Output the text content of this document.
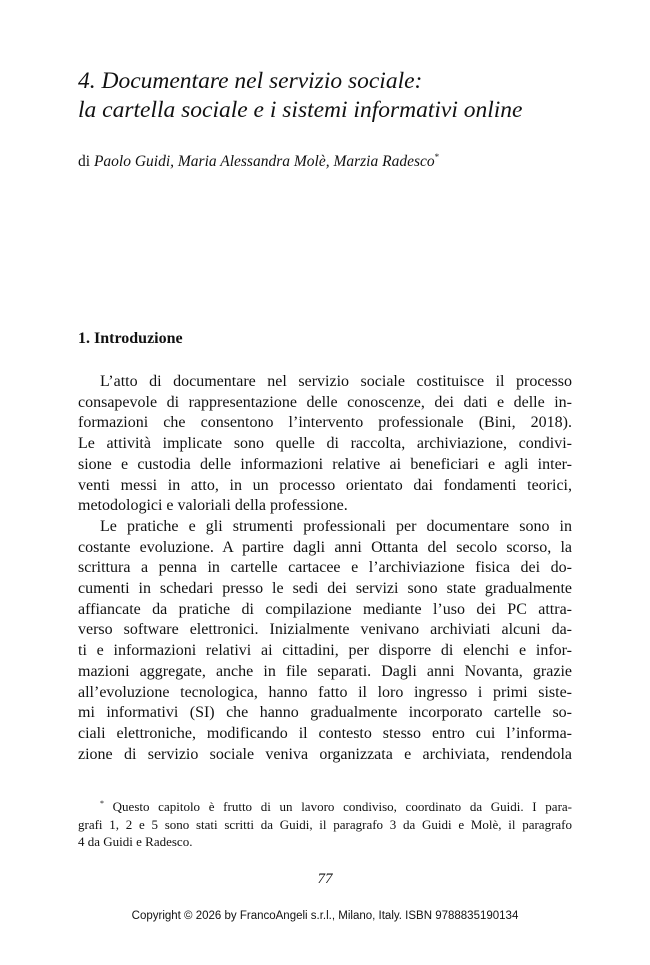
4. Documentare nel servizio sociale:
la cartella sociale e i sistemi informativi online
di Paolo Guidi, Maria Alessandra Molè, Marzia Radesco*
1. Introduzione
L’atto di documentare nel servizio sociale costituisce il processo
consapevole di rappresentazione delle conoscenze, dei dati e delle in-
formazioni che consentono l’intervento professionale (Bini, 2018).
Le attività implicate sono quelle di raccolta, archiviazione, condivi-
sione e custodia delle informazioni relative ai beneficiari e agli inter-
venti messi in atto, in un processo orientato dai fondamenti teorici,
metodologici e valoriali della professione.
Le pratiche e gli strumenti professionali per documentare sono in
costante evoluzione. A partire dagli anni Ottanta del secolo scorso, la
scrittura a penna in cartelle cartacee e l’archiviazione fisica dei do-
cumenti in schedari presso le sedi dei servizi sono state gradualmente
affiancate da pratiche di compilazione mediante l’uso dei PC attra-
verso software elettronici. Inizialmente venivano archiviati alcuni da-
ti e informazioni relativi ai cittadini, per disporre di elenchi e infor-
mazioni aggregate, anche in file separati. Dagli anni Novanta, grazie
all’evoluzione tecnologica, hanno fatto il loro ingresso i primi siste-
mi informativi (SI) che hanno gradualmente incorporato cartelle so-
ciali elettroniche, modificando il contesto stesso entro cui l’informa-
zione di servizio sociale veniva organizzata e archiviata, rendendola
* Questo capitolo è frutto di un lavoro condiviso, coordinato da Guidi. I para-
grafi 1, 2 e 5 sono stati scritti da Guidi, il paragrafo 3 da Guidi e Molè, il paragrafo
4 da Guidi e Radesco.
77
Copyright © 2026 by FrancoAngeli s.r.l., Milano, Italy. ISBN 9788835190134
